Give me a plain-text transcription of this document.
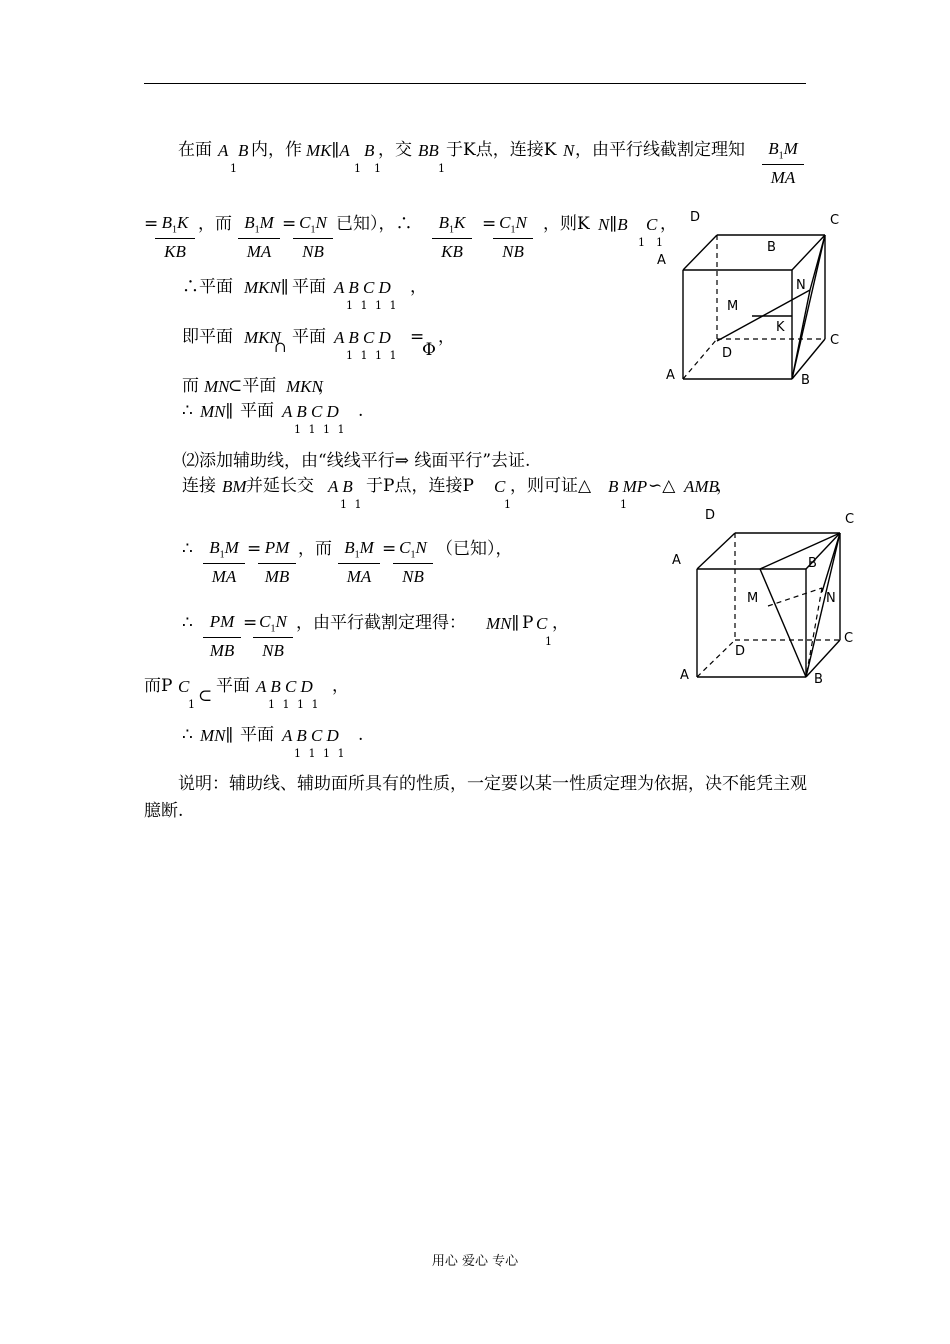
在面 A
1
B 内，作 MK∥A
1
B
1
，交 BB
1
于K点，连接K N ，由平行线截割定理知 $\frac{B_1M}{MA}$
=
$\frac{B_1K}{KB}$ ，而 $\frac{B_1M}{MA}$ =
$\frac{C_1N}{NB}$ 已知），∴ $\frac{B_1K}{KB}$ =
$\frac{C_1N}{NB}$ ，则K N∥B
1
C
1
，
∴平面 MKN∥ 平面 A B C D
1 1 1 1
，
即平面 MKN
∩ 平面 A B C D
1 1 1 1
=
Φ
，
而 MN
⊂平面 MKN
，
∴ MN∥ 平面 A B C D
1 1 1 1
.
⑵添加辅助线，由“线线平行⇒ 线面平行”去证.
连接 BM 并延长交 A B
1 1
于P点，连接P C
1
，则可证△ B MP
1
∽△ AMB
，
∴ $\frac{B_1M}{MA}$ =
$\frac{PM}{MB}$ ，而 $\frac{B_1M}{MA}$ =
$\frac{C_1N}{NB}$ （已知），
∴ $\frac{PM}{MB}$ =
$\frac{C_1N}{NB}$ ，由平行截割定理得： MN∥ P C
1
，
而P C
1 ⊂ 平面 A B C D
1 1 1 1
，
∴ MN∥ 平面 A B C D
1 1 1 1
.
说明：辅助线、辅助面所具有的性质，一定要以某一性质定理为依据，决不能凭主观臆断.
D	C
B
A
N
M
K
C
D
A	B
D	C
A	B
M	N
C
D
A	B
用心 爱心 专心
